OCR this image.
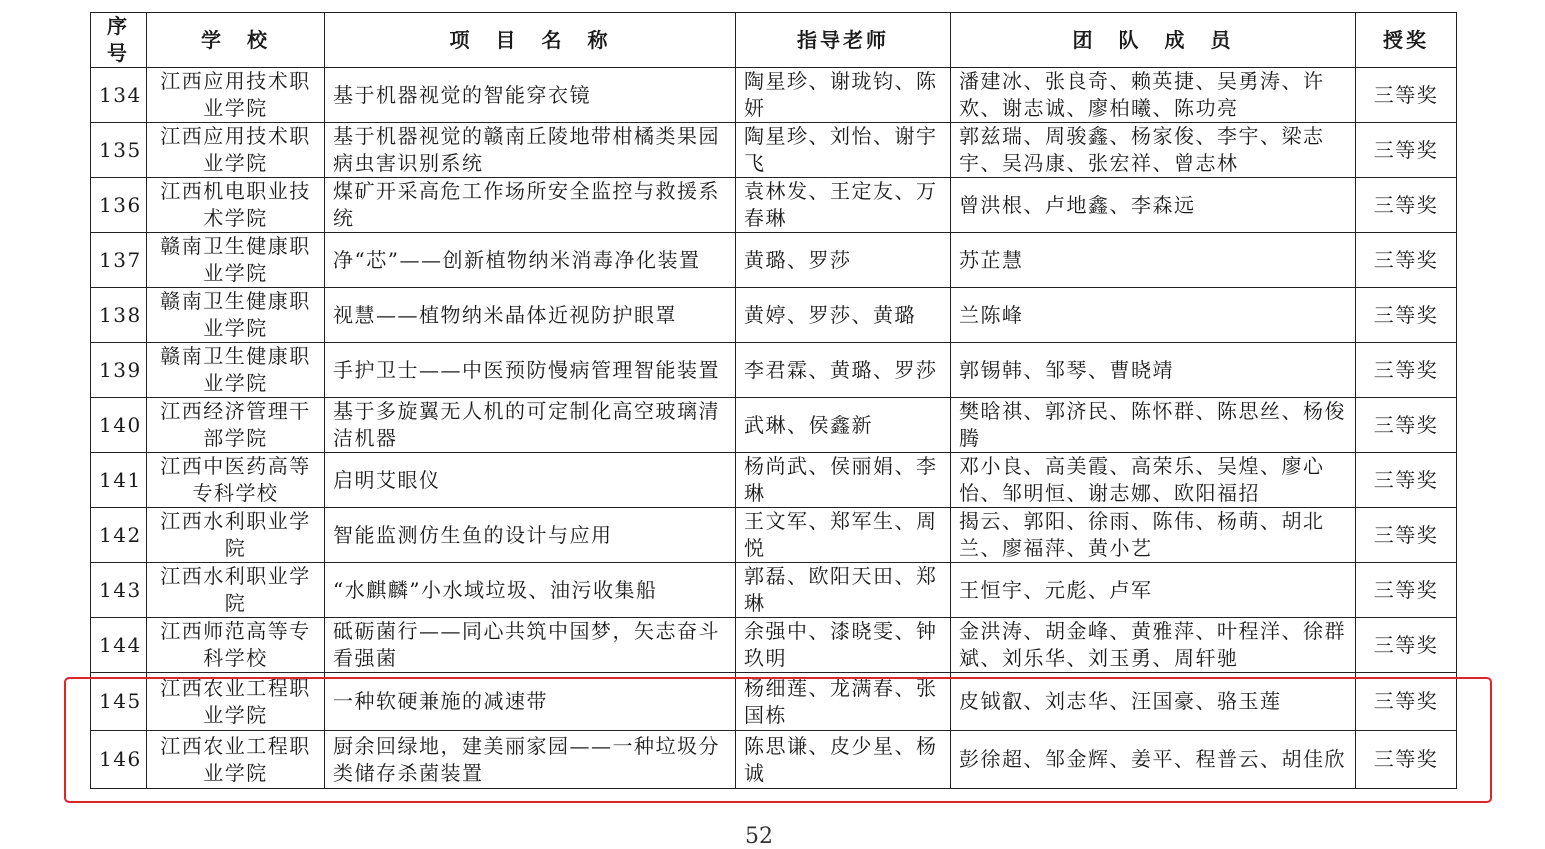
序号	学　校	项　目　名　称	指导老师	团　队　成　员	授奖
134	江西应用技术职业学院	基于机器视觉的智能穿衣镜	陶星珍、谢珑钧、陈妍	潘建冰、张良奇、赖英捷、吴勇涛、许欢、谢志诚、廖柏曦、陈功亮	三等奖
135	江西应用技术职业学院	基于机器视觉的赣南丘陵地带柑橘类果园病虫害识别系统	陶星珍、刘怡、谢宇飞	郭兹瑞、周骏鑫、杨家俊、李宇、梁志宇、吴冯康、张宏祥、曾志林	三等奖
136	江西机电职业技术学院	煤矿开采高危工作场所安全监控与救援系统	袁林发、王定友、万春琳	曾洪根、卢地鑫、李森远	三等奖
137	赣南卫生健康职业学院	净“芯”——创新植物纳米消毒净化装置	黄璐、罗莎	苏芷慧	三等奖
138	赣南卫生健康职业学院	视慧——植物纳米晶体近视防护眼罩	黄婷、罗莎、黄璐	兰陈峰	三等奖
139	赣南卫生健康职业学院	手护卫士——中医预防慢病管理智能装置	李君霖、黄璐、罗莎	郭锡韩、邹琴、曹晓靖	三等奖
140	江西经济管理干部学院	基于多旋翼无人机的可定制化高空玻璃清洁机器	武琳、侯鑫新	樊晗祺、郭济民、陈怀群、陈思丝、杨俊腾	三等奖
141	江西中医药高等专科学校	启明艾眼仪	杨尚武、侯丽娟、李琳	邓小良、高美霞、高荣乐、吴煌、廖心怡、邹明恒、谢志娜、欧阳福招	三等奖
142	江西水利职业学院	智能监测仿生鱼的设计与应用	王文军、郑军生、周悦	揭云、郭阳、徐雨、陈伟、杨萌、胡北兰、廖福萍、黄小艺	三等奖
143	江西水利职业学院	“水麒麟”小水域垃圾、油污收集船	郭磊、欧阳天田、郑琳	王恒宇、元彪、卢军	三等奖
144	江西师范高等专科学校	砥砺菌行——同心共筑中国梦，矢志奋斗看强菌	余强中、漆晓雯、钟玖明	金洪涛、胡金峰、黄雅萍、叶程洋、徐群斌、刘乐华、刘玉勇、周轩驰	三等奖
145	江西农业工程职业学院	一种软硬兼施的减速带	杨细莲、龙满春、张国栋	皮钺叡、刘志华、汪国豪、骆玉莲	三等奖
146	江西农业工程职业学院	厨余回绿地，建美丽家园——一种垃圾分类储存杀菌装置	陈思谦、皮少星、杨诚	彭徐超、邹金辉、姜平、程普云、胡佳欣	三等奖
52
